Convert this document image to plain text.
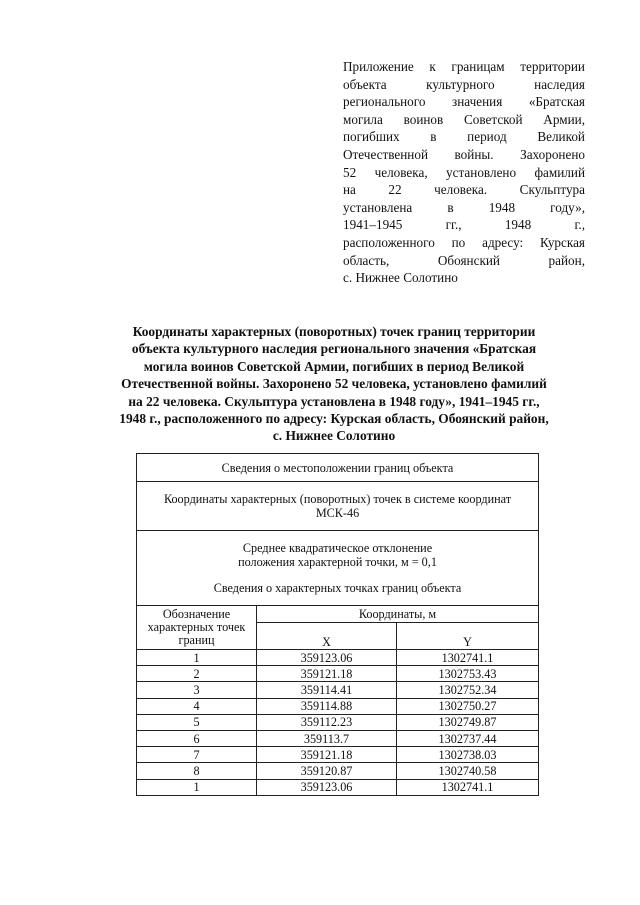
Приложение к границам территории
объекта культурного наследия
регионального значения «Братская
могила воинов Советской Армии,
погибших в период Великой
Отечественной войны. Захоронено
52 человека, установлено фамилий
на 22 человека. Скульптура
установлена в 1948 году»,
1941–1945 гг., 1948 г.,
расположенного по адресу: Курская
область, Обоянский район,
с. Нижнее Солотино
Координаты характерных (поворотных) точек границ территории
объекта культурного наследия регионального значения «Братская
могила воинов Советской Армии, погибших в период Великой
Отечественной войны. Захоронено 52 человека, установлено фамилий
на 22 человека. Скульптура установлена в 1948 году», 1941–1945 гг.,
1948 г., расположенного по адресу: Курская область, Обоянский район,
с. Нижнее Солотино
Сведения о местоположении границ объекта		

Координаты характерных (поворотных) точек в системе координат
МСК-46		

Среднее квадратическое отклонение
положения характерной точки, м = 0,1
Сведения о характерных точках границ объекта		

Обозначение
характерных точек
границ	Координаты, м	
	X	Y
1	359123.06	1302741.1
2	359121.18	1302753.43
3	359114.41	1302752.34
4	359114.88	1302750.27
5	359112.23	1302749.87
6	359113.7	1302737.44
7	359121.18	1302738.03
8	359120.87	1302740.58
1	359123.06	1302741.1
